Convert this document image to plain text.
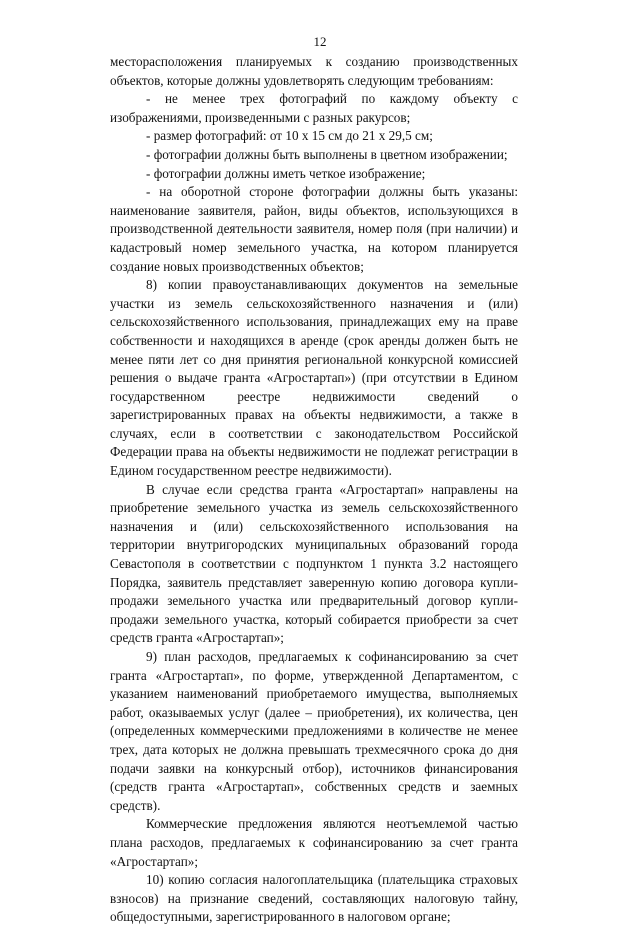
12

месторасположения планируемых к созданию производственных объектов, которые должны удовлетворять следующим требованиям:

- не менее трех фотографий по каждому объекту с изображениями, произведенными с разных ракурсов;

- размер фотографий: от 10 x 15 см до 21 x 29,5 см;

- фотографии должны быть выполнены в цветном изображении;

- фотографии должны иметь четкое изображение;

- на оборотной стороне фотографии должны быть указаны: наименование заявителя, район, виды объектов, использующихся в производственной деятельности заявителя, номер поля (при наличии) и кадастровый номер земельного участка, на котором планируется создание новых производственных объектов;

8) копии правоустанавливающих документов на земельные участки из земель сельскохозяйственного назначения и (или) сельскохозяйственного использования, принадлежащих ему на праве собственности и находящихся в аренде (срок аренды должен быть не менее пяти лет со дня принятия региональной конкурсной комиссией решения о выдаче гранта «Агростартап») (при отсутствии в Едином государственном реестре недвижимости сведений о зарегистрированных правах на объекты недвижимости, а также в случаях, если в соответствии с законодательством Российской Федерации права на объекты недвижимости не подлежат регистрации в Едином государственном реестре недвижимости).

В случае если средства гранта «Агростартап» направлены на приобретение земельного участка из земель сельскохозяйственного назначения и (или) сельскохозяйственного использования на территории внутригородских муниципальных образований города Севастополя в соответствии с подпунктом 1 пункта 3.2 настоящего Порядка, заявитель представляет заверенную копию договора купли-продажи земельного участка или предварительный договор купли-продажи земельного участка, который собирается приобрести за счет средств гранта «Агростартап»;

9) план расходов, предлагаемых к софинансированию за счет гранта «Агростартап», по форме, утвержденной Департаментом, с указанием наименований приобретаемого имущества, выполняемых работ, оказываемых услуг (далее – приобретения), их количества, цен (определенных коммерческими предложениями в количестве не менее трех, дата которых не должна превышать трехмесячного срока до дня подачи заявки на конкурсный отбор), источников финансирования (средств гранта «Агростартап», собственных средств и заемных средств).

Коммерческие предложения являются неотъемлемой частью плана расходов, предлагаемых к софинансированию за счет гранта «Агростартап»;

10) копию согласия налогоплательщика (плательщика страховых взносов) на признание сведений, составляющих налоговую тайну, общедоступными, зарегистрированного в налоговом органе;
